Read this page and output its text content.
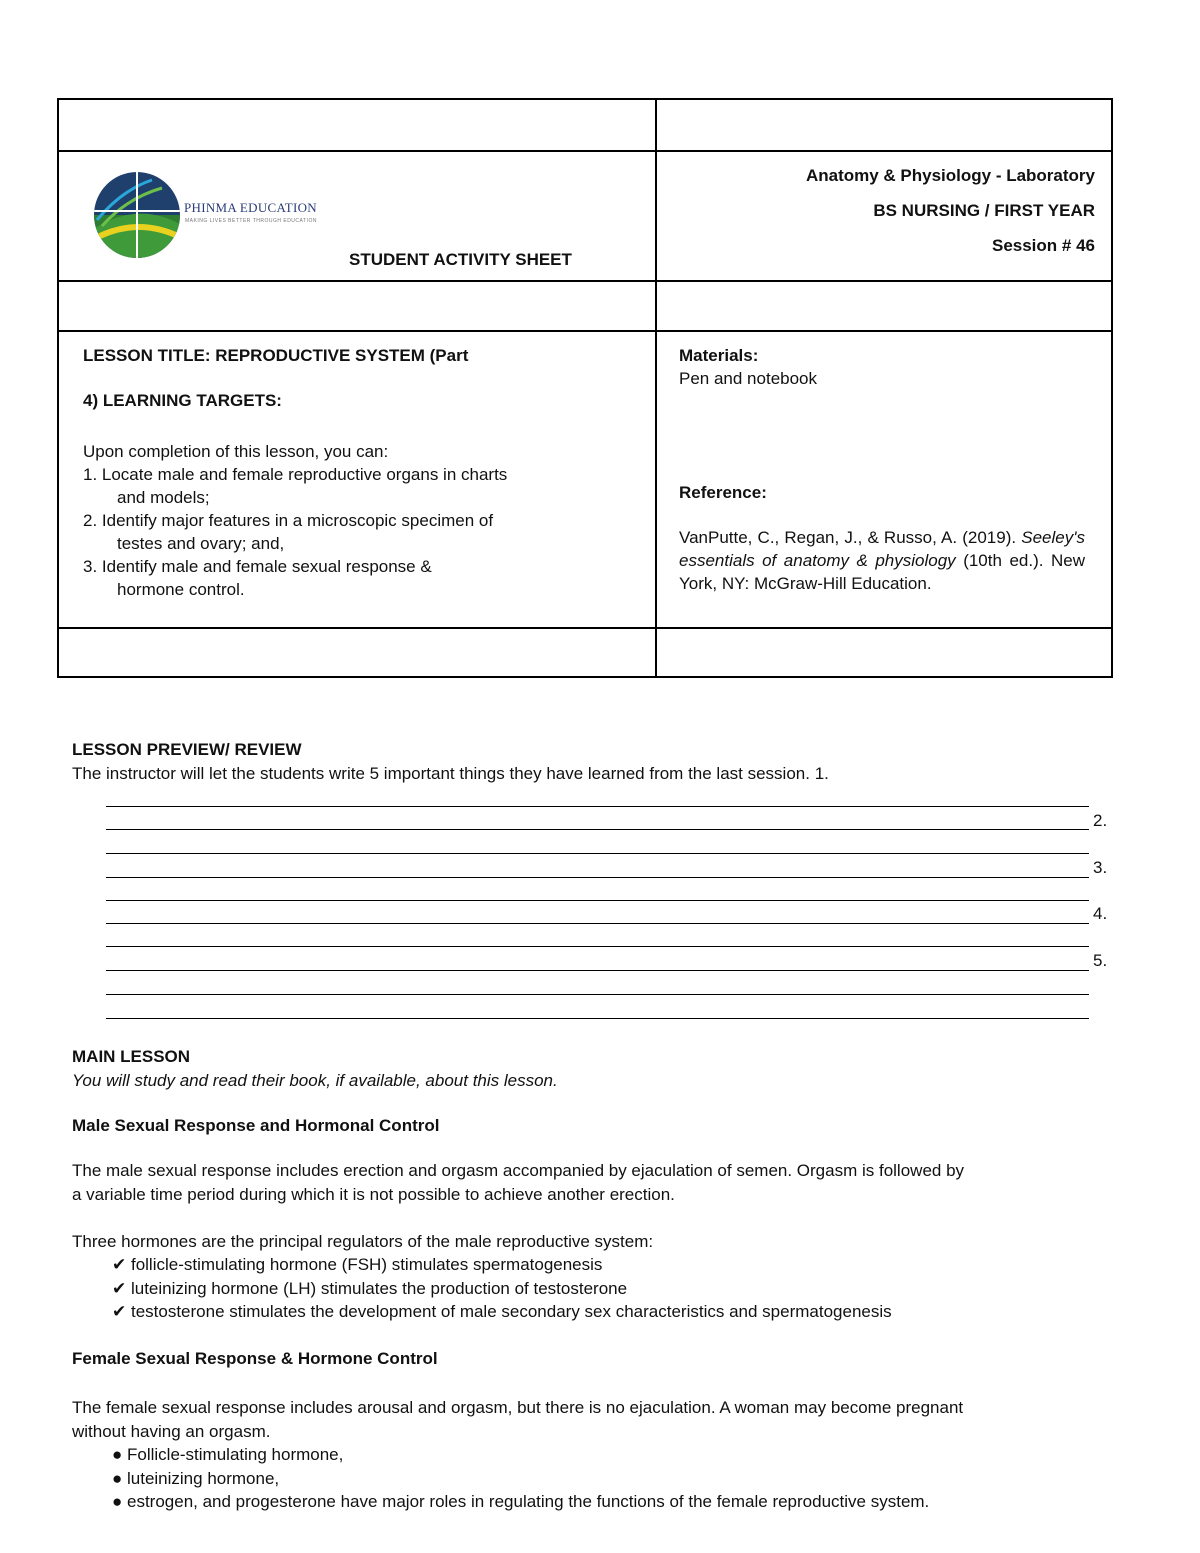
PHINMA EDUCATION
MAKING LIVES BETTER THROUGH EDUCATION
STUDENT ACTIVITY SHEET
Anatomy & Physiology - Laboratory
BS NURSING / FIRST YEAR
Session # 46
LESSON TITLE: REPRODUCTIVE SYSTEM (Part
4) LEARNING TARGETS:
Upon completion of this lesson, you can:
1. Locate male and female reproductive organs in charts
and models;
2. Identify major features in a microscopic specimen of
testes and ovary; and,
3. Identify male and female sexual response &
hormone control.
Materials:
Pen and notebook
Reference:
VanPutte, C., Regan, J., & Russo, A. (2019). Seeley's essentials of anatomy & physiology (10th ed.). New York, NY: McGraw-Hill Education.
LESSON PREVIEW/ REVIEW
The instructor will let the students write 5 important things they have learned from the last session. 1.
2.
3.
4.
5.
MAIN LESSON
You will study and read their book, if available, about this lesson.
Male Sexual Response and Hormonal Control
The male sexual response includes erection and orgasm accompanied by ejaculation of semen. Orgasm is followed by
a variable time period during which it is not possible to achieve another erection.
Three hormones are the principal regulators of the male reproductive system:
✔ follicle-stimulating hormone (FSH) stimulates spermatogenesis
✔ luteinizing hormone (LH) stimulates the production of testosterone
✔ testosterone stimulates the development of male secondary sex characteristics and spermatogenesis
Female Sexual Response & Hormone Control
The female sexual response includes arousal and orgasm, but there is no ejaculation. A woman may become pregnant
without having an orgasm.
● Follicle-stimulating hormone,
● luteinizing hormone,
● estrogen, and progesterone have major roles in regulating the functions of the female reproductive system.
